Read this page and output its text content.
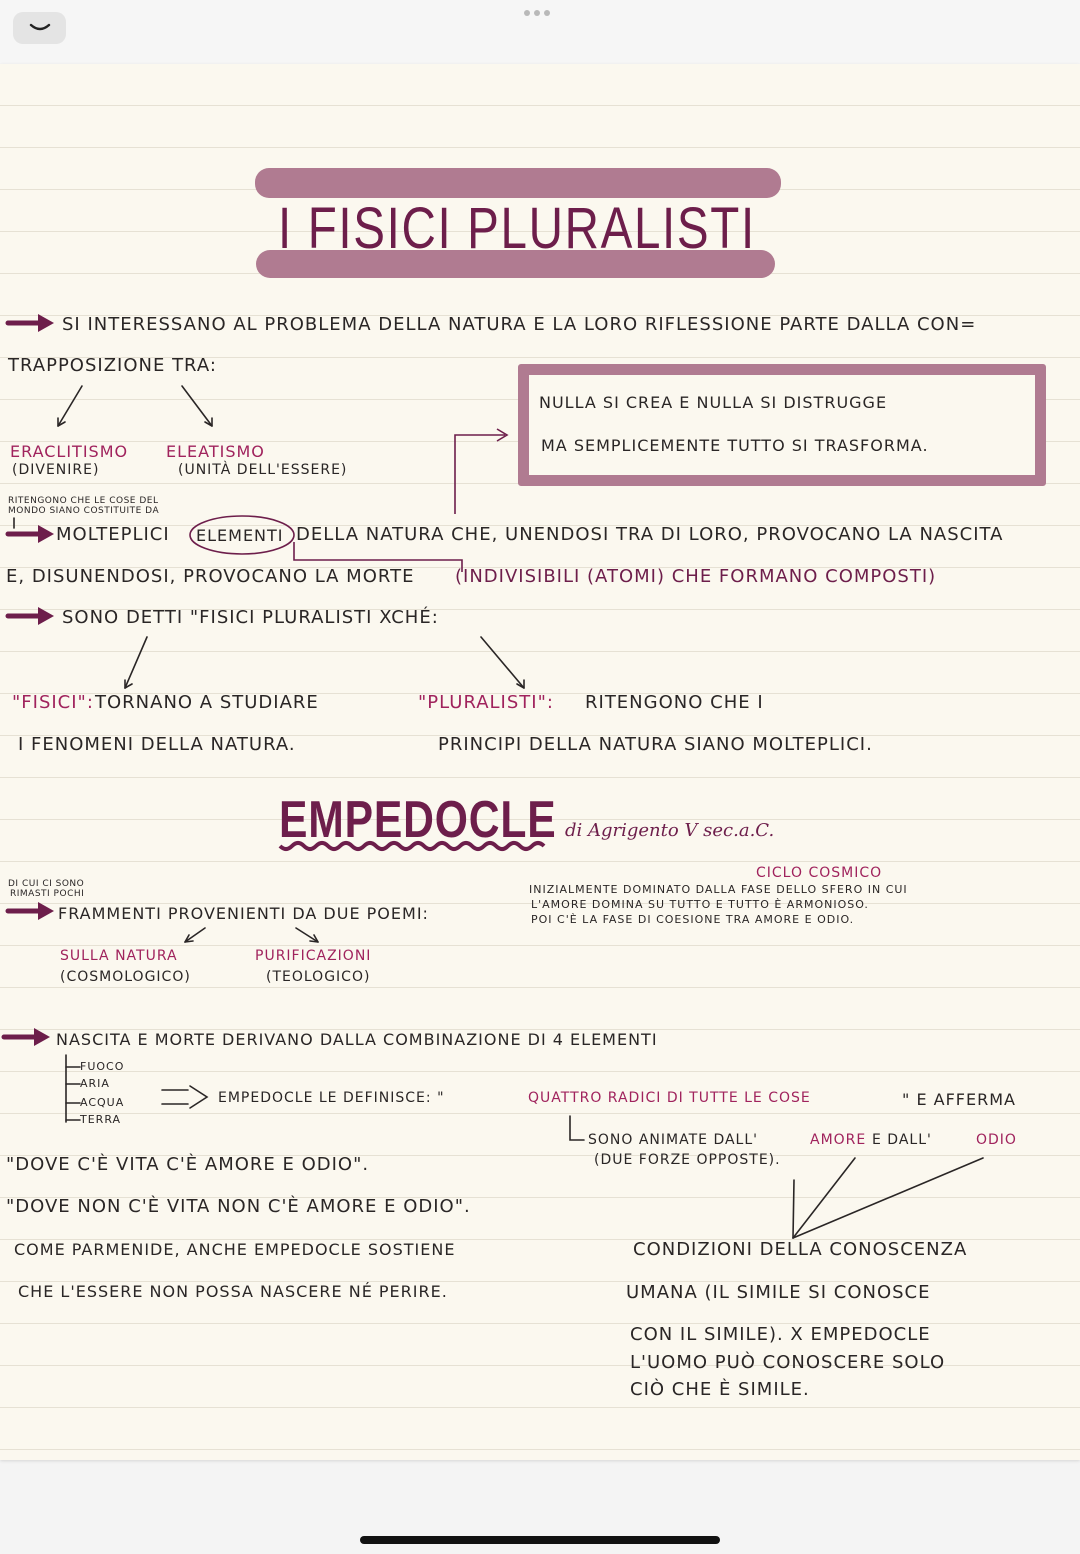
I FISICI PLURALISTI
NULLA SI CREA E NULLA SI DISTRUGGE
MA SEMPLICEMENTE TUTTO SI TRASFORMA.
SI INTERESSANO AL PROBLEMA DELLA NATURA E LA LORO RIFLESSIONE PARTE DALLA CON=
TRAPPOSIZIONE TRA:
ERACLITISMO
(DIVENIRE)
ELEATISMO
(UNITÀ DELL'ESSERE)
RITENGONO CHE LE COSE DEL
MONDO SIANO COSTITUITE DA
MOLTEPLICI ELEMENTI DELLA NATURA CHE, UNENDOSI TRA DI LORO, PROVOCANO LA NASCITA
E, DISUNENDOSI, PROVOCANO LA MORTE (INDIVISIBILI (ATOMI) CHE FORMANO COMPOSTI)
SONO DETTI "FISICI PLURALISTI XCHÉ:
"FISICI": TORNANO A STUDIARE
I FENOMENI DELLA NATURA.
"PLURALISTI": RITENGONO CHE I
PRINCIPI DELLA NATURA SIANO MOLTEPLICI.
EMPEDOCLE di Agrigento V sec.a.C.
DI CUI CI SONO
RIMASTI POCHI
FRAMMENTI PROVENIENTI DA DUE POEMI:
SULLA NATURA
(COSMOLOGICO)
PURIFICAZIONI
(TEOLOGICO)
CICLO COSMICO
INIZIALMENTE DOMINATO DALLA FASE DELLO SFERO IN CUI
L'AMORE DOMINA SU TUTTO E TUTTO È ARMONIOSO.
POI C'È LA FASE DI COESIONE TRA AMORE E ODIO.
NASCITA E MORTE DERIVANO DALLA COMBINAZIONE DI 4 ELEMENTI
FUOCO
ARIA
ACQUA
TERRA
EMPEDOCLE LE DEFINISCE: "	QUATTRO RADICI DI TUTTE LE COSE	" E AFFERMA
SONO ANIMATE DALL'	AMORE E DALL'	ODIO
(DUE FORZE OPPOSTE).
"DOVE C'È VITA C'È AMORE E ODIO".
"DOVE NON C'È VITA NON C'È AMORE E ODIO".
COME PARMENIDE, ANCHE EMPEDOCLE SOSTIENE
CHE L'ESSERE NON POSSA NASCERE NÉ PERIRE.
CONDIZIONI DELLA CONOSCENZA
UMANA (IL SIMILE SI CONOSCE
CON IL SIMILE). X EMPEDOCLE
L'UOMO PUÒ CONOSCERE SOLO
CIÒ CHE È SIMILE.
